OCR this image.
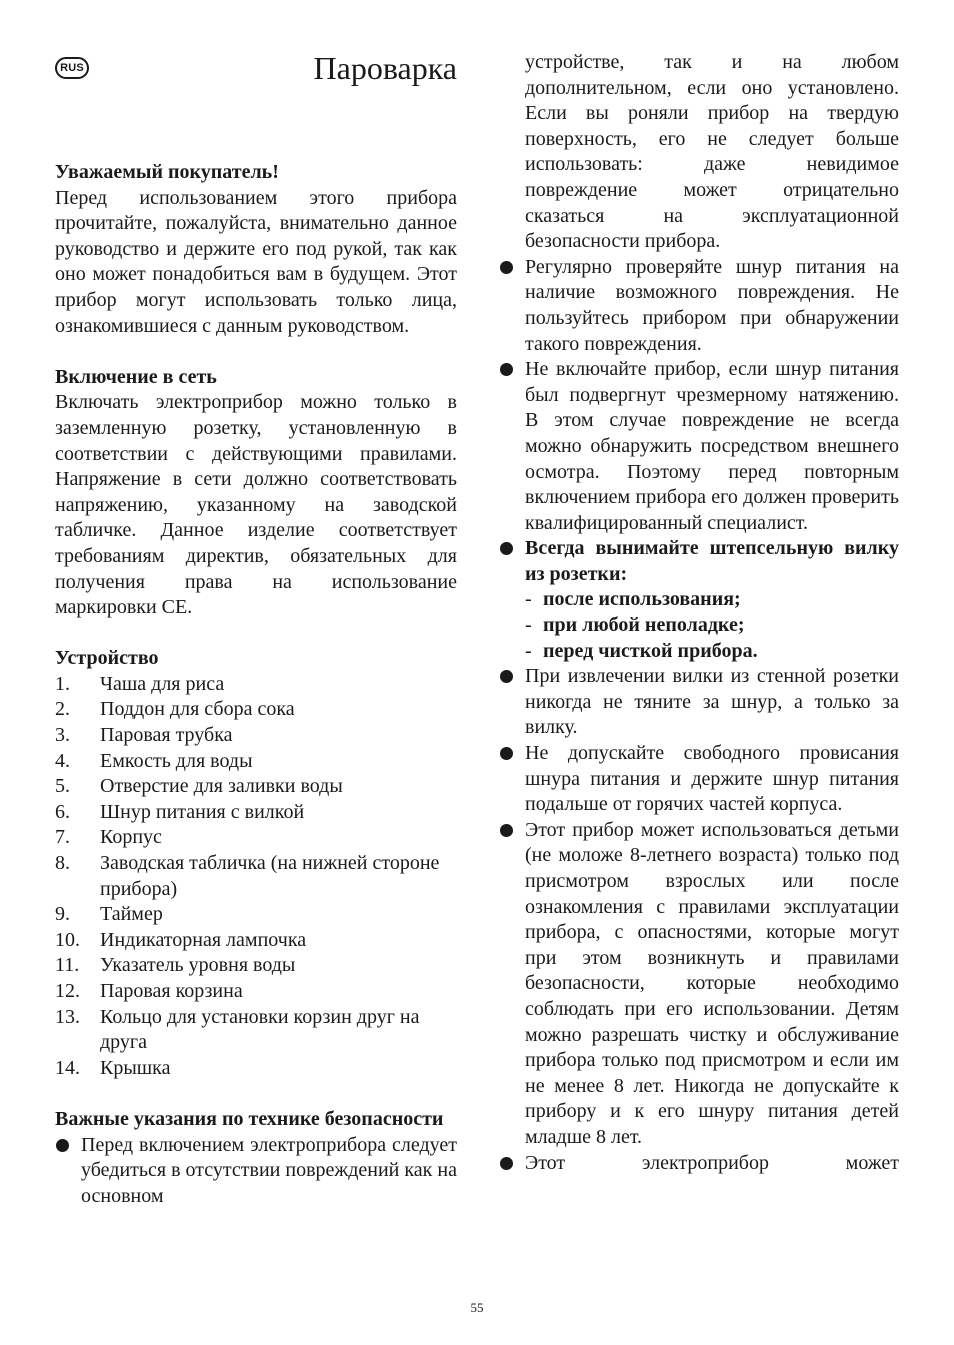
RUS	Пароварка

Уважаемый покупатель!

Перед использованием этого прибора прочитайте, пожалуйста, внимательно данное руководство и держите его под рукой, так как оно может понадобиться вам в будущем. Этот прибор могут использовать только лица, ознакомившиеся с данным руководством.

Включение в сеть

Включать электроприбор можно только в заземленную розетку, установленную в соответствии с действующими правилами. Напряжение в сети должно соответствовать напряжению, указанному на заводской табличке. Данное изделие соответствует требованиям директив, обязательных для получения права на использование маркировки CE.

Устройство

1.	Чаша для риса
2.	Поддон для сбора сока
3.	Паровая трубка
4.	Емкость для воды
5.	Отверстие для заливки воды
6.	Шнур питания с вилкой
7.	Корпус
8.	Заводская табличка (на нижней стороне прибора)
9.	Таймер
10.	Индикаторная лампочка
11.	Указатель уровня воды
12.	Паровая корзина
13.	Кольцо для установки корзин друг на друга
14.	Крышка

Важные указания по технике безопасности

Перед включением электроприбора следует убедиться в отсутствии повреждений как на основном
устройстве, так и на любом дополнительном, если оно установлено. Если вы роняли прибор на твердую поверхность, его не следует больше использовать: даже невидимое повреждение может отрицательно сказаться на эксплуатационной безопасности прибора.
Регулярно проверяйте шнур питания на наличие возможного повреждения. Не пользуйтесь прибором при обнаружении такого повреждения.
Не включайте прибор, если шнур питания был подвергнут чрезмерному натяжению. В этом случае повреждение не всегда можно обнаружить посредством внешнего осмотра. Поэтому перед повторным включением прибора его должен проверить квалифицированный специалист.
Всегда вынимайте штепсельную вилку из розетки:
- после использования;
- при любой неполадке;
- перед чисткой прибора.
При извлечении вилки из стенной розетки никогда не тяните за шнур, а только за вилку.
Не допускайте свободного провисания шнура питания и держите шнур питания подальше от горячих частей корпуса.
Этот прибор может использоваться детьми (не моложе 8-летнего возраста) только под присмотром взрослых или после ознакомления с правилами эксплуатации прибора, с опасностями, которые могут при этом возникнуть и правилами безопасности, которые необходимо соблюдать при его использовании. Детям можно разрешать чистку и обслуживание прибора только под присмотром и если им не менее 8 лет. Никогда не допускайте к прибору и к его шнуру питания детей младше 8 лет.
Этот электроприбор может
55
